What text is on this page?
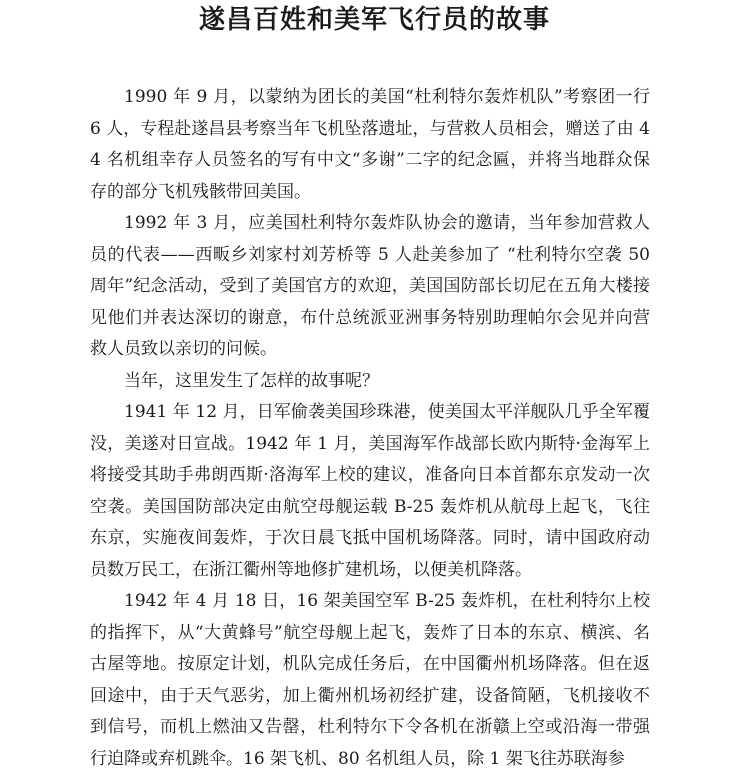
遂昌百姓和美军飞行员的故事

1990 年 9 月，以蒙纳为团长的美国“杜利特尔轰炸机队”考察团一行 6 人，专程赴遂昌县考察当年飞机坠落遗址，与营救人员相会，赠送了由 44 名机组幸存人员签名的写有中文“多谢”二字的纪念匾，并将当地群众保存的部分飞机残骸带回美国。

1992 年 3 月，应美国杜利特尔轰炸队协会的邀请，当年参加营救人员的代表——西畈乡刘家村刘芳桥等 5 人赴美参加了 “杜利特尔空袭 50 周年”纪念活动，受到了美国官方的欢迎，美国国防部长切尼在五角大楼接见他们并表达深切的谢意，布什总统派亚洲事务特别助理帕尔会见并向营救人员致以亲切的问候。

当年，这里发生了怎样的故事呢？

1941 年 12 月，日军偷袭美国珍珠港，使美国太平洋舰队几乎全军覆没，美遂对日宣战。1942 年 1 月，美国海军作战部长欧内斯特·金海军上将接受其助手弗朗西斯·洛海军上校的建议，准备向日本首都东京发动一次空袭。美国国防部决定由航空母舰运载 B-25 轰炸机从航母上起飞，飞往东京，实施夜间轰炸，于次日晨飞抵中国机场降落。同时，请中国政府动员数万民工，在浙江衢州等地修扩建机场，以便美机降落。

1942 年 4 月 18 日，16 架美国空军 B-25 轰炸机，在杜利特尔上校的指挥下，从“大黄蜂号”航空母舰上起飞，轰炸了日本的东京、横滨、名古屋等地。按原定计划，机队完成任务后，在中国衢州机场降落。但在返回途中，由于天气恶劣，加上衢州机场初经扩建，设备简陋，飞机接收不到信号，而机上燃油又告罄，杜利特尔下令各机在浙赣上空或沿海一带强行迫降或弃机跳伞。16 架飞机、80 名机组人员，除 1 架飞往苏联海参
